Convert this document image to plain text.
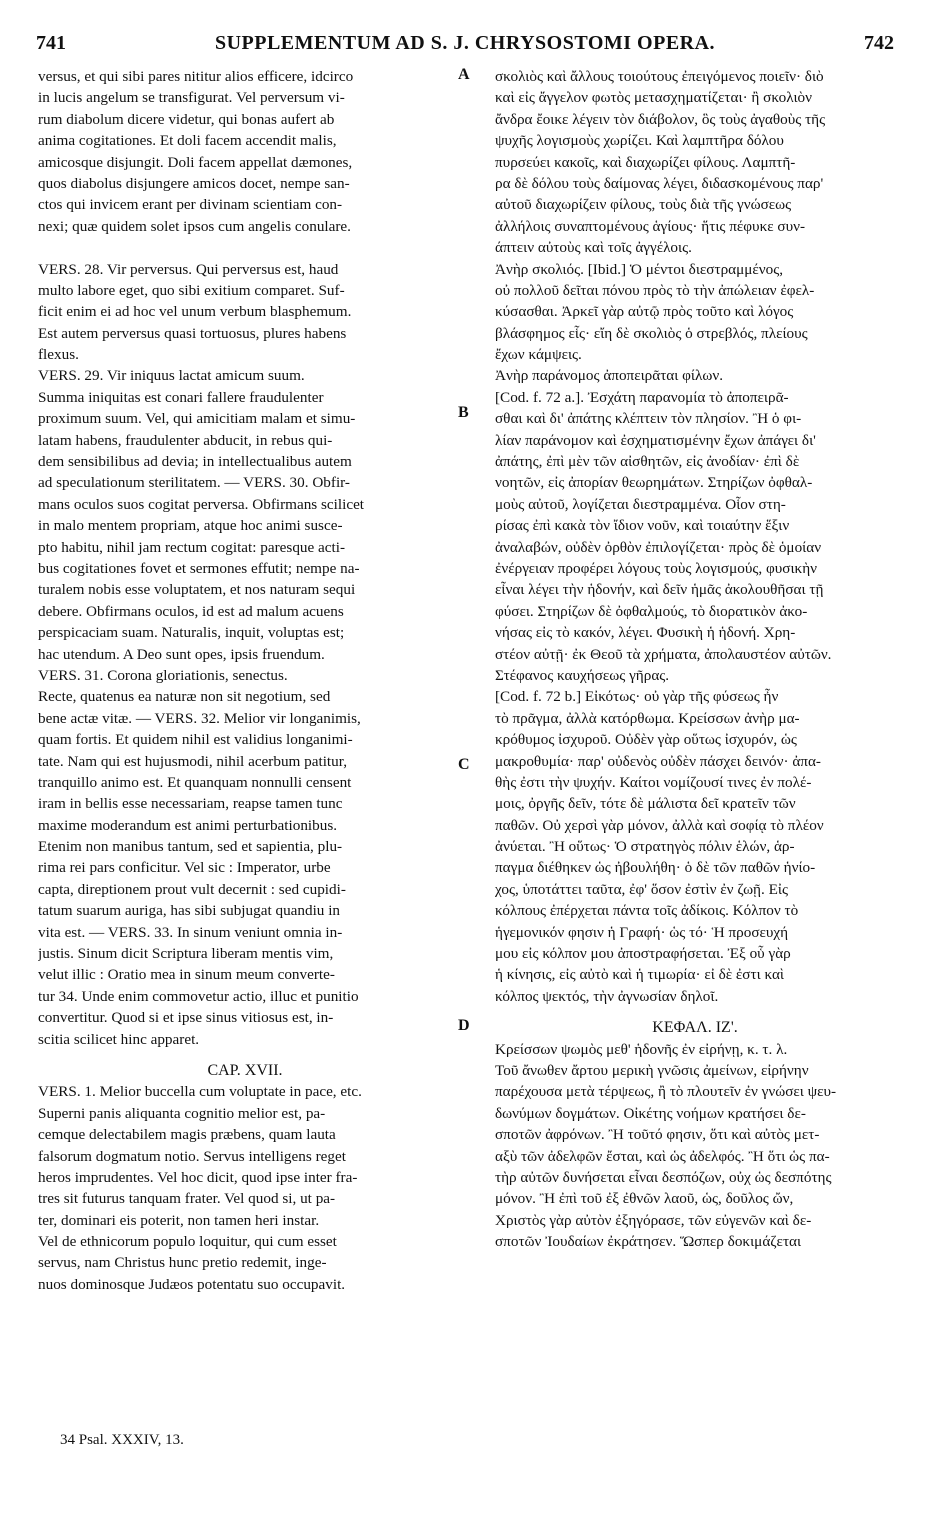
741	SUPPLEMENTUM AD S. J. CHRYSOSTOMI OPERA.	742
A
B
C
D
versus, et qui sibi pares nititur alios efficere, idcirco
in lucis angelum se transfigurat. Vel perversum vi-
rum diabolum dicere videtur, qui bonas aufert ab
anima cogitationes. Et doli facem accendit malis,
amicosque disjungit. Doli facem appellat dæmones,
quos diabolus disjungere amicos docet, nempe san-
ctos qui invicem erant per divinam scientiam con-
nexi; quæ quidem solet ipsos cum angelis conulare.
VERS. 28. Vir perversus. Qui perversus est, haud
multo labore eget, quo sibi exitium comparet. Suf-
ficit enim ei ad hoc vel unum verbum blasphemum.
Est autem perversus quasi tortuosus, plures habens
flexus.
VERS. 29. Vir iniquus lactat amicum suum.
Summa iniquitas est conari fallere fraudulenter
proximum suum. Vel, qui amicitiam malam et simu-
latam habens, fraudulenter abducit, in rebus qui-
dem sensibilibus ad devia; in intellectualibus autem
ad speculationum sterilitatem. — VERS. 30. Obfir-
mans oculos suos cogitat perversa. Obfirmans scilicet
in malo mentem propriam, atque hoc animi susce-
pto habitu, nihil jam rectum cogitat: paresque acti-
bus cogitationes fovet et sermones effutit; nempe na-
turalem nobis esse voluptatem, et nos naturam sequi
debere. Obfirmans oculos, id est ad malum acuens
perspicaciam suam. Naturalis, inquit, voluptas est;
hac utendum. A Deo sunt opes, ipsis fruendum.
VERS. 31. Corona gloriationis, senectus.
Recte, quatenus ea naturæ non sit negotium, sed
bene actæ vitæ. — VERS. 32. Melior vir longanimis,
quam fortis. Et quidem nihil est validius longanimi-
tate. Nam qui est hujusmodi, nihil acerbum patitur,
tranquillo animo est. Et quanquam nonnulli censent
iram in bellis esse necessariam, reapse tamen tunc
maxime moderandum est animi perturbationibus.
Etenim non manibus tantum, sed et sapientia, plu-
rima rei pars conficitur. Vel sic : Imperator, urbe
capta, direptionem prout vult decernit : sed cupidi-
tatum suarum auriga, has sibi subjugat quandiu in
vita est. — VERS. 33. In sinum veniunt omnia in-
justis. Sinum dicit Scriptura liberam mentis vim,
velut illic : Oratio mea in sinum meum converte-
tur 34. Unde enim commovetur actio, illuc et punitio
convertitur. Quod si et ipse sinus vitiosus est, in-
scitia scilicet hinc apparet.
CAP. XVII.
VERS. 1. Melior buccella cum voluptate in pace, etc.
Superni panis aliquanta cognitio melior est, pa-
cemque delectabilem magis præbens, quam lauta
falsorum dogmatum notio. Servus intelligens reget
heros imprudentes. Vel hoc dicit, quod ipse inter fra-
tres sit futurus tanquam frater. Vel quod si, ut pa-
ter, dominari eis poterit, non tamen heri instar.
Vel de ethnicorum populo loquitur, qui cum esset
servus, nam Christus hunc pretio redemit, inge-
nuos dominosque Judæos potentatu suo occupavit.
σκολιὸς καὶ ἄλλους τοιούτους ἐπειγόμενος ποιεῖν· διὸ
καὶ εἰς ἄγγελον φωτὸς μετασχηματίζεται· ἢ σκολιὸν
ἄνδρα ἔοικε λέγειν τὸν διάβολον, ὃς τοὺς ἀγαθοὺς τῆς
ψυχῆς λογισμοὺς χωρίζει. Καὶ λαμπτῆρα δόλου
πυρσεύει κακοῖς, καὶ διαχωρίζει φίλους. Λαμπτῆ-
ρα δὲ δόλου τοὺς δαίμονας λέγει, διδασκομένους παρ'
αὐτοῦ διαχωρίζειν φίλους, τοὺς διὰ τῆς γνώσεως
ἀλλήλοις συναπτομένους ἁγίους· ἥτις πέφυκε συν-
άπτειν αὐτοὺς καὶ τοῖς ἀγγέλοις.
Ἀνὴρ σκολιός. [Ibid.] Ὁ μέντοι διεστραμμένος,
οὐ πολλοῦ δεῖται πόνου πρὸς τὸ τὴν ἀπώλειαν ἐφελ-
κύσασθαι. Ἀρκεῖ γὰρ αὐτῷ πρὸς τοῦτο καὶ λόγος
βλάσφημος εἷς· εἴη δὲ σκολιὸς ὁ στρεβλός, πλείους
ἔχων κάμψεις.
Ἀνὴρ παράνομος ἀποπειρᾶται φίλων.
[Cod. f. 72 a.]. Ἐσχάτη παρανομία τὸ ἀποπειρᾶ-
σθαι καὶ δι' ἀπάτης κλέπτειν τὸν πλησίον. Ἢ ὁ φι-
λίαν παράνομον καὶ ἐσχηματισμένην ἔχων ἀπάγει δι'
ἀπάτης, ἐπὶ μὲν τῶν αἰσθητῶν, εἰς ἀνοδίαν· ἐπὶ δὲ
νοητῶν, εἰς ἀπορίαν θεωρημάτων. Στηρίζων ὀφθαλ-
μοὺς αὐτοῦ, λογίζεται διεστραμμένα. Οἷον στη-
ρίσας ἐπὶ κακὰ τὸν ἴδιον νοῦν, καὶ τοιαύτην ἕξιν
ἀναλαβών, οὐδὲν ὀρθὸν ἐπιλογίζεται· πρὸς δὲ ὁμοίαν
ἐνέργειαν προφέρει λόγους τοὺς λογισμούς, φυσικὴν
εἶναι λέγει τὴν ἡδονήν, καὶ δεῖν ἡμᾶς ἀκολουθῆσαι τῇ
φύσει. Στηρίζων δὲ ὀφθαλμούς, τὸ διορατικὸν ἀκο-
νήσας εἰς τὸ κακόν, λέγει. Φυσικὴ ἡ ἡδονή. Χρη-
στέον αὐτῇ· ἐκ Θεοῦ τὰ χρήματα, ἀπολαυστέον αὐτῶν.
Στέφανος καυχήσεως γῆρας.
[Cod. f. 72 b.] Εἰκότως· οὐ γὰρ τῆς φύσεως ἦν
τὸ πρᾶγμα, ἀλλὰ κατόρθωμα. Κρείσσων ἀνὴρ μα-
κρόθυμος ἰσχυροῦ. Οὐδὲν γὰρ οὕτως ἰσχυρόν, ὡς
μακροθυμία· παρ' οὐδενὸς οὐδὲν πάσχει δεινόν· ἀπα-
θὴς ἐστι τὴν ψυχήν. Καίτοι νομίζουσί τινες ἐν πολέ-
μοις, ὀργῆς δεῖν, τότε δὲ μάλιστα δεῖ κρατεῖν τῶν
παθῶν. Οὐ χερσὶ γὰρ μόνον, ἀλλὰ καὶ σοφίᾳ τὸ πλέον
ἀνύεται. Ἢ οὕτως· Ὁ στρατηγὸς πόλιν ἑλών, ἁρ-
παγμα διέθηκεν ὡς ἠβουλήθη· ὁ δὲ τῶν παθῶν ἡνίο-
χος, ὑποτάττει ταῦτα, ἐφ' ὅσον ἐστὶν ἐν ζωῇ. Εἰς
κόλπους ἐπέρχεται πάντα τοῖς ἀδίκοις. Κόλπον τὸ
ἡγεμονικόν φησιν ἡ Γραφή· ὡς τό· Ἡ προσευχή
μου εἰς κόλπον μου ἀποστραφήσεται. Ἐξ οὗ γὰρ
ἡ κίνησις, εἰς αὐτὸ καὶ ἡ τιμωρία· εἰ δὲ ἐστι καὶ
κόλπος ψεκτός, τὴν ἀγνωσίαν δηλοῖ.
ΚΕΦΑΛ. ΙΖ'.
Κρείσσων ψωμὸς μεθ' ἡδονῆς ἐν εἰρήνῃ, κ. τ. λ.
Τοῦ ἄνωθεν ἄρτου μερικὴ γνῶσις ἀμείνων, εἰρήνην
παρέχουσα μετὰ τέρψεως, ἢ τὸ πλουτεῖν ἐν γνώσει ψευ-
δωνύμων δογμάτων. Οἰκέτης νοήμων κρατήσει δε-
σποτῶν ἀφρόνων. Ἢ τοῦτό φησιν, ὅτι καὶ αὐτὸς μετ-
αξὺ τῶν ἀδελφῶν ἔσται, καὶ ὡς ἀδελφός. Ἢ ὅτι ὡς πα-
τὴρ αὐτῶν δυνήσεται εἶναι δεσπόζων, οὐχ ὡς δεσπότης
μόνον. Ἢ ἐπὶ τοῦ ἐξ ἐθνῶν λαοῦ, ὡς, δοῦλος ὤν,
Χριστὸς γὰρ αὐτὸν ἐξηγόρασε, τῶν εὐγενῶν καὶ δε-
σποτῶν Ἰουδαίων ἐκράτησεν. Ὥσπερ δοκιμάζεται
34 Psal. XXXIV, 13.
